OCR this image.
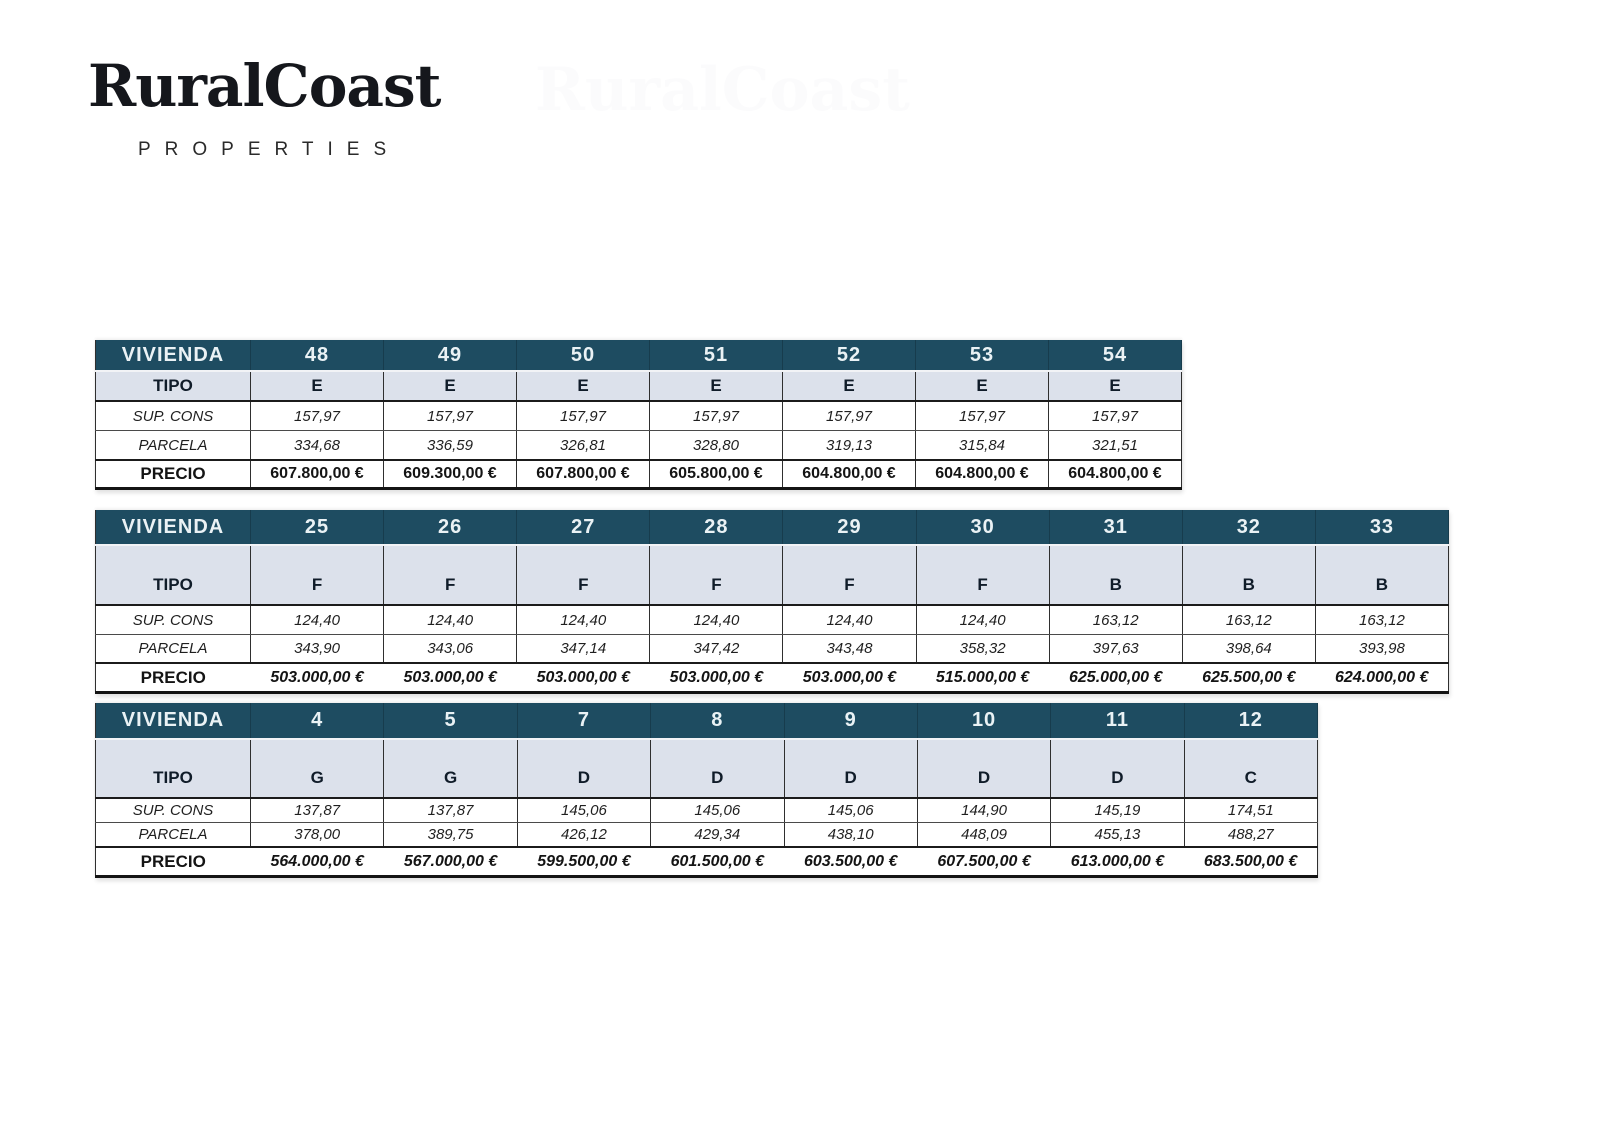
RuralCoast
RuralCoast
PROPERTIES
VIVIENDA	48	49	50	51	52	53	54
TIPO	E	E	E	E	E	E	E
SUP. CONS	157,97	157,97	157,97	157,97	157,97	157,97	157,97
PARCELA	334,68	336,59	326,81	328,80	319,13	315,84	321,51
PRECIO	607.800,00 €	609.300,00 €	607.800,00 €	605.800,00 €	604.800,00 €	604.800,00 €	604.800,00 €
VIVIENDA	25	26	27	28	29	30	31	32	33
TIPO	F	F	F	F	F	F	B	B	B
SUP. CONS	124,40	124,40	124,40	124,40	124,40	124,40	163,12	163,12	163,12
PARCELA	343,90	343,06	347,14	347,42	343,48	358,32	397,63	398,64	393,98
PRECIO	503.000,00 €	503.000,00 €	503.000,00 €	503.000,00 €	503.000,00 €	515.000,00 €	625.000,00 €	625.500,00 €	624.000,00 €
VIVIENDA	4	5	7	8	9	10	11	12
TIPO	G	G	D	D	D	D	D	C
SUP. CONS	137,87	137,87	145,06	145,06	145,06	144,90	145,19	174,51
PARCELA	378,00	389,75	426,12	429,34	438,10	448,09	455,13	488,27
PRECIO	564.000,00 €	567.000,00 €	599.500,00 €	601.500,00 €	603.500,00 €	607.500,00 €	613.000,00 €	683.500,00 €
